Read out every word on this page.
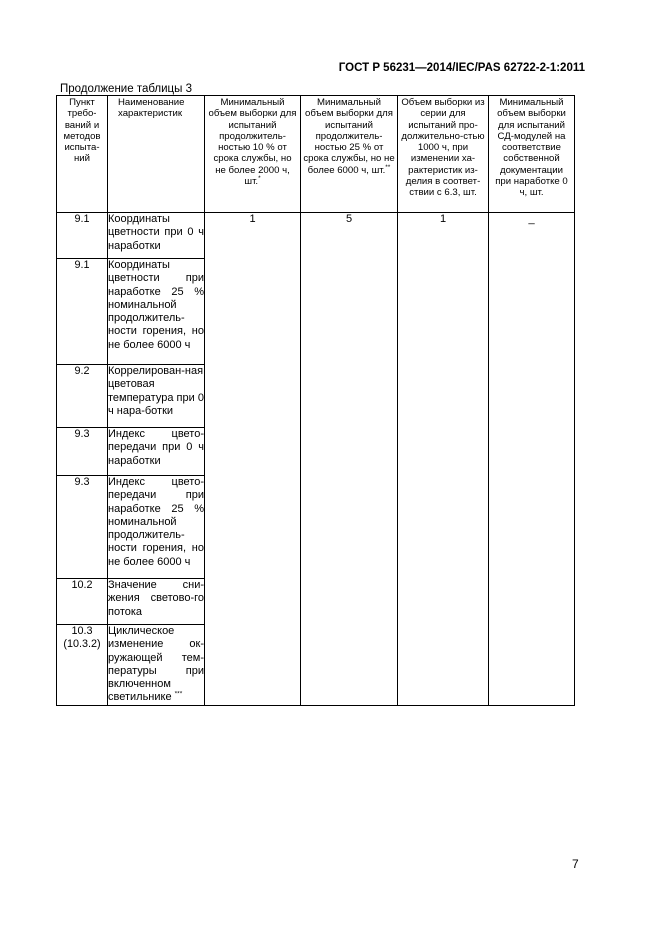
ГОСТ Р 56231—2014/IEC/PAS 62722-2-1:2011
Продолжение таблицы 3
Пункт требо-ваний и методов испыта-ний	Наименование характеристик	Минимальный объем выборки для испытаний продолжитель-ностью 10 % от срока службы, но не более 2000 ч, шт.*	Минимальный объем выборки для испытаний продолжитель-ностью 25 % от срока службы, но не более 6000 ч, шт.**	Объем выборки из серии для испытаний про-должительно-стью 1000 ч, при изменении ха-рактеристик из-делия в соответ-ствии с 6.3, шт.	Минимальный объем выборки для испытаний СД-модулей на соответствие собственной документации при наработке 0 ч, шт.
9.1	Координаты цветности при 0 ч наработки	1	5	1	_
9.1	Координаты цветности при наработке 25 % номинальной продолжитель-ности горения, но не более 6000 ч				
9.2	Коррелирован-ная цветовая температура при 0 ч нара-ботки				
9.3	Индекс цвето-передачи при 0 ч наработки				
9.3	Индекс цвето-передачи при наработке 25 % номинальной продолжитель-ности горения, но не более 6000 ч				
10.2	Значение сни-жения светово-го потока				
10.3 (10.3.2)	Циклическое изменение ок-ружающей тем-пературы при включенном светильнике ***
7
